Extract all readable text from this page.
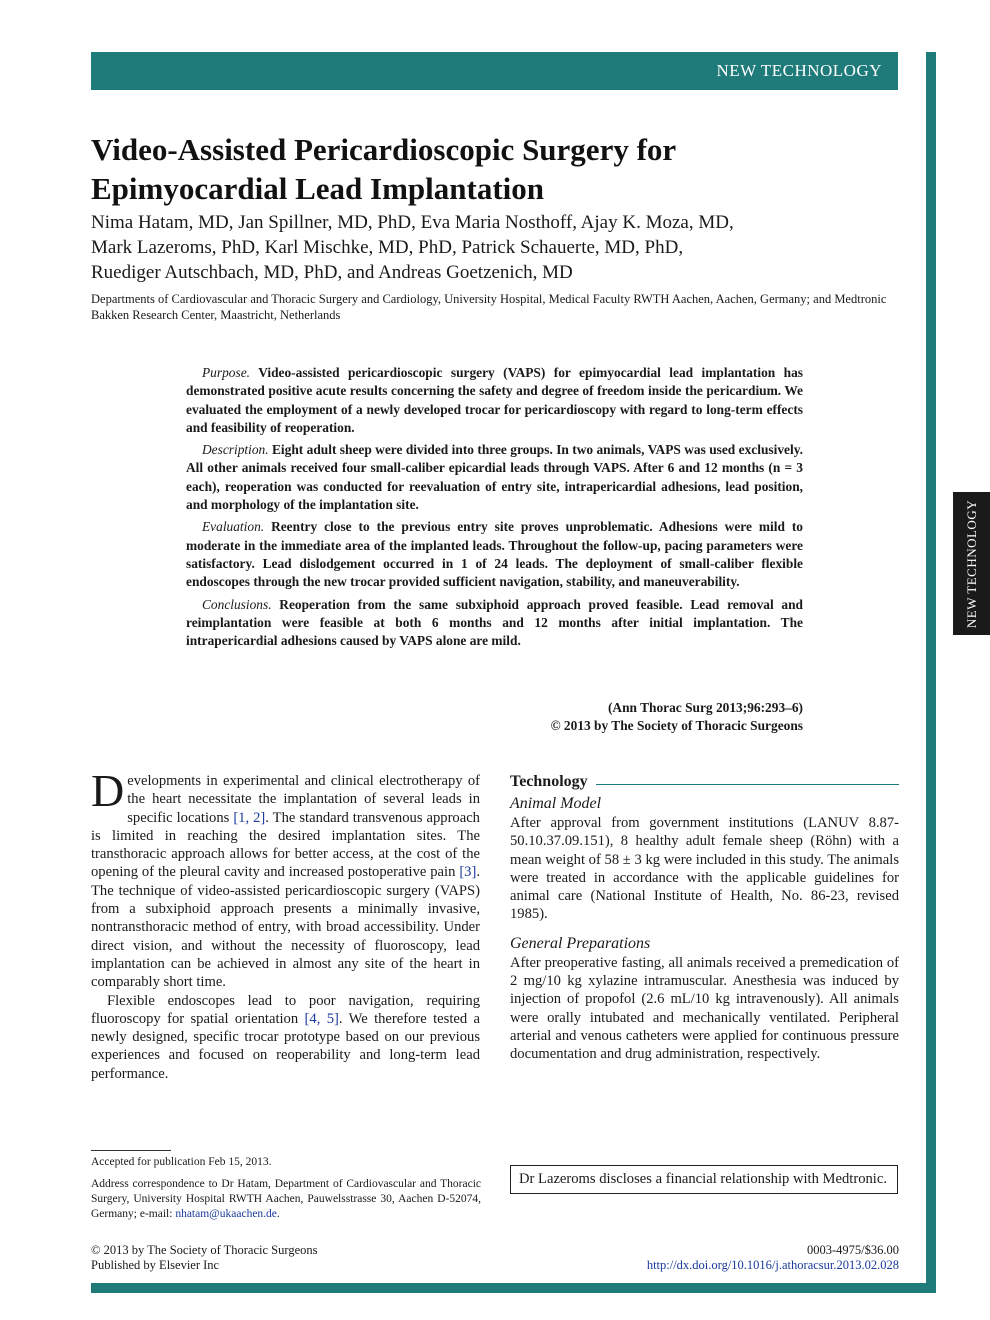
NEW TECHNOLOGY
NEW TECHNOLOGY
Video-Assisted Pericardioscopic Surgery for
Epimyocardial Lead Implantation
Nima Hatam, MD, Jan Spillner, MD, PhD, Eva Maria Nosthoff, Ajay K. Moza, MD,
Mark Lazeroms, PhD, Karl Mischke, MD, PhD, Patrick Schauerte, MD, PhD,
Ruediger Autschbach, MD, PhD, and Andreas Goetzenich, MD
Departments of Cardiovascular and Thoracic Surgery and Cardiology, University Hospital, Medical Faculty RWTH Aachen, Aachen, Germany; and Medtronic Bakken Research Center, Maastricht, Netherlands

Purpose. Video-assisted pericardioscopic surgery (VAPS) for epimyocardial lead implantation has demonstrated positive acute results concerning the safety and degree of freedom inside the pericardium. We evaluated the employment of a newly developed trocar for pericardioscopy with regard to long-term effects and feasibility of reoperation.

Description. Eight adult sheep were divided into three groups. In two animals, VAPS was used exclusively. All other animals received four small-caliber epicardial leads through VAPS. After 6 and 12 months (n = 3 each), reoperation was conducted for reevaluation of entry site, intrapericardial adhesions, lead position, and morphology of the implantation site.

Evaluation. Reentry close to the previous entry site proves unproblematic. Adhesions were mild to moderate in the immediate area of the implanted leads. Throughout the follow-up, pacing parameters were satisfactory. Lead dislodgement occurred in 1 of 24 leads. The deployment of small-caliber flexible endoscopes through the new trocar provided sufficient navigation, stability, and maneuverability.

Conclusions. Reoperation from the same subxiphoid approach proved feasible. Lead removal and reimplantation were feasible at both 6 months and 12 months after initial implantation. The intrapericardial adhesions caused by VAPS alone are mild.

(Ann Thorac Surg 2013;96:293–6)
© 2013 by The Society of Thoracic Surgeons

Developments in experimental and clinical electrotherapy of the heart necessitate the implantation of several leads in specific locations [1, 2]. The standard transvenous approach is limited in reaching the desired implantation sites. The transthoracic approach allows for better access, at the cost of the opening of the pleural cavity and increased postoperative pain [3]. The technique of video-assisted pericardioscopic surgery (VAPS) from a subxiphoid approach presents a minimally invasive, nontransthoracic method of entry, with broad accessibility. Under direct vision, and without the necessity of fluoroscopy, lead implantation can be achieved in almost any site of the heart in comparably short time.

Flexible endoscopes lead to poor navigation, requiring fluoroscopy for spatial orientation [4, 5]. We therefore tested a newly designed, specific trocar prototype based on our previous experiences and focused on reoperability and long-term lead performance.

Technology
Animal Model

After approval from government institutions (LANUV 8.87-50.10.37.09.151), 8 healthy adult female sheep (Röhn) with a mean weight of 58 ± 3 kg were included in this study. The animals were treated in accordance with the applicable guidelines for animal care (National Institute of Health, No. 86-23, revised 1985).

General Preparations

After preoperative fasting, all animals received a premedication of 2 mg/10 kg xylazine intramuscular. Anesthesia was induced by injection of propofol (2.6 mL/10 kg intravenously). All animals were orally intubated and mechanically ventilated. Peripheral arterial and venous catheters were applied for continuous pressure documentation and drug administration, respectively.

Accepted for publication Feb 15, 2013.
Address correspondence to Dr Hatam, Department of Cardiovascular and Thoracic Surgery, University Hospital RWTH Aachen, Pauwelsstrasse 30, Aachen D-52074, Germany; e-mail: nhatam@ukaachen.de.
Dr Lazeroms discloses a financial relationship with Medtronic.
© 2013 by The Society of Thoracic Surgeons
Published by Elsevier Inc
0003-4975/$36.00
http://dx.doi.org/10.1016/j.athoracsur.2013.02.028
